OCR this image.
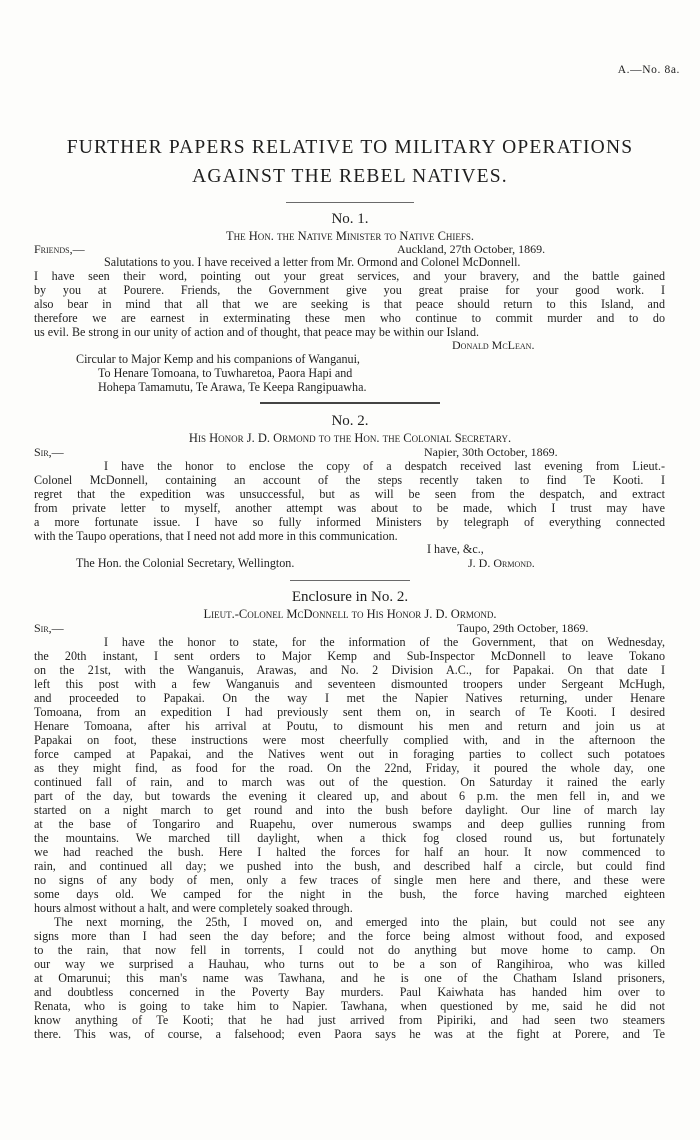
A.—No. 8a.
FURTHER PAPERS RELATIVE TO MILITARY OPERATIONS
AGAINST THE REBEL NATIVES.
No. 1.
The Hon. the Native Minister to Native Chiefs.
Friends,—	Auckland, 27th October, 1869.
Salutations to you. I have received a letter from Mr. Ormond and Colonel McDonnell.
I have seen their word, pointing out your great services, and your bravery, and the battle gained
by you at Pourere. Friends, the Government give you great praise for your good work. I
also bear in mind that all that we are seeking is that peace should return to this Island, and
therefore we are earnest in exterminating these men who continue to commit murder and to do
us evil. Be strong in our unity of action and of thought, that peace may be within our Island.
Donald McLean.
Circular to Major Kemp and his companions of Wanganui,
To Henare Tomoana, to Tuwharetoa, Paora Hapi and
Hohepa Tamamutu, Te Arawa, Te Keepa Rangipuawha.
No. 2.
His Honor J. D. Ormond to the Hon. the Colonial Secretary.
Sir,—	Napier, 30th October, 1869.
I have the honor to enclose the copy of a despatch received last evening from Lieut.-
Colonel McDonnell, containing an account of the steps recently taken to find Te Kooti. I
regret that the expedition was unsuccessful, but as will be seen from the despatch, and extract
from private letter to myself, another attempt was about to be made, which I trust may have
a more fortunate issue. I have so fully informed Ministers by telegraph of everything connected
with the Taupo operations, that I need not add more in this communication.
I have, &c.,
The Hon. the Colonial Secretary, Wellington.	J. D. Ormond.
Enclosure in No. 2.
Lieut.-Colonel McDonnell to His Honor J. D. Ormond.
Sir,—	Taupo, 29th October, 1869.
I have the honor to state, for the information of the Government, that on Wednesday,
the 20th instant, I sent orders to Major Kemp and Sub-Inspector McDonnell to leave Tokano
on the 21st, with the Wanganuis, Arawas, and No. 2 Division A.C., for Papakai. On that date I
left this post with a few Wanganuis and seventeen dismounted troopers under Sergeant McHugh,
and proceeded to Papakai. On the way I met the Napier Natives returning, under Henare
Tomoana, from an expedition I had previously sent them on, in search of Te Kooti. I desired
Henare Tomoana, after his arrival at Poutu, to dismount his men and return and join us at
Papakai on foot, these instructions were most cheerfully complied with, and in the afternoon the
force camped at Papakai, and the Natives went out in foraging parties to collect such potatoes
as they might find, as food for the road. On the 22nd, Friday, it poured the whole day, one
continued fall of rain, and to march was out of the question. On Saturday it rained the early
part of the day, but towards the evening it cleared up, and about 6 p.m. the men fell in, and we
started on a night march to get round and into the bush before daylight. Our line of march lay
at the base of Tongariro and Ruapehu, over numerous swamps and deep gullies running from
the mountains. We marched till daylight, when a thick fog closed round us, but fortunately
we had reached the bush. Here I halted the forces for half an hour. It now commenced to
rain, and continued all day; we pushed into the bush, and described half a circle, but could find
no signs of any body of men, only a few traces of single men here and there, and these were
some days old. We camped for the night in the bush, the force having marched eighteen
hours almost without a halt, and were completely soaked through.
The next morning, the 25th, I moved on, and emerged into the plain, but could not see any
signs more than I had seen the day before; and the force being almost without food, and exposed
to the rain, that now fell in torrents, I could not do anything but move home to camp. On
our way we surprised a Hauhau, who turns out to be a son of Rangihiroa, who was killed
at Omarunui; this man's name was Tawhana, and he is one of the Chatham Island prisoners,
and doubtless concerned in the Poverty Bay murders. Paul Kaiwhata has handed him over to
Renata, who is going to take him to Napier. Tawhana, when questioned by me, said he did not
know anything of Te Kooti; that he had just arrived from Pipiriki, and had seen two steamers
there. This was, of course, a falsehood; even Paora says he was at the fight at Porere, and Te
